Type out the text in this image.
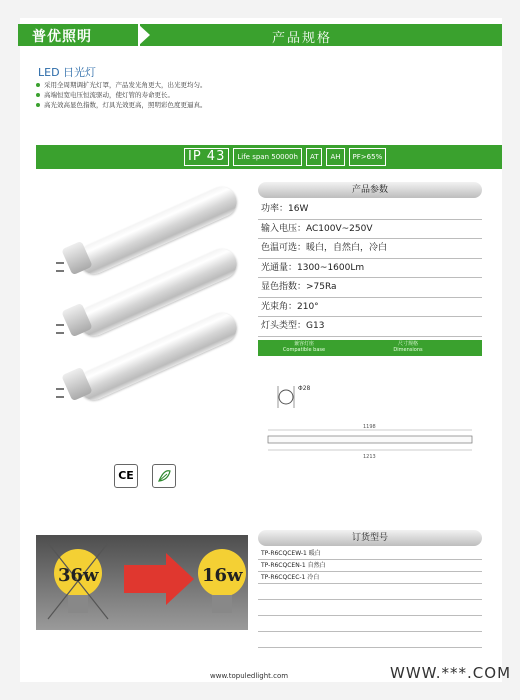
普优照明	产品规格
LED 日光灯
采用全周期调扩光灯罩，产品发光角更大，出光更均匀。
高端恒宽电压恒流驱动，使灯管的寿命更长。
高光效高显色指数，灯具光效更高，照明彩色度更逼真。
IP 43	Life span 50000h	AT	AH	PF>65%
产品参数
功率：16W
输入电压：AC100V~250V
色温可选：暖白，自然白，冷白
光通量：1300~1600Lm
显色指数：>75Ra
光束角：210°
灯头类型：G13
兼容灯座
Compatible base
尺寸规格
Dimensions
Φ28
1198
1213
CE
36w	16w
订货型号
TP-R6CQCEW-1 暖白
TP-R6CQCEN-1 自然白
TP-R6CQCEC-1 冷白
www.topuledlight.com	WWW.***.COM
